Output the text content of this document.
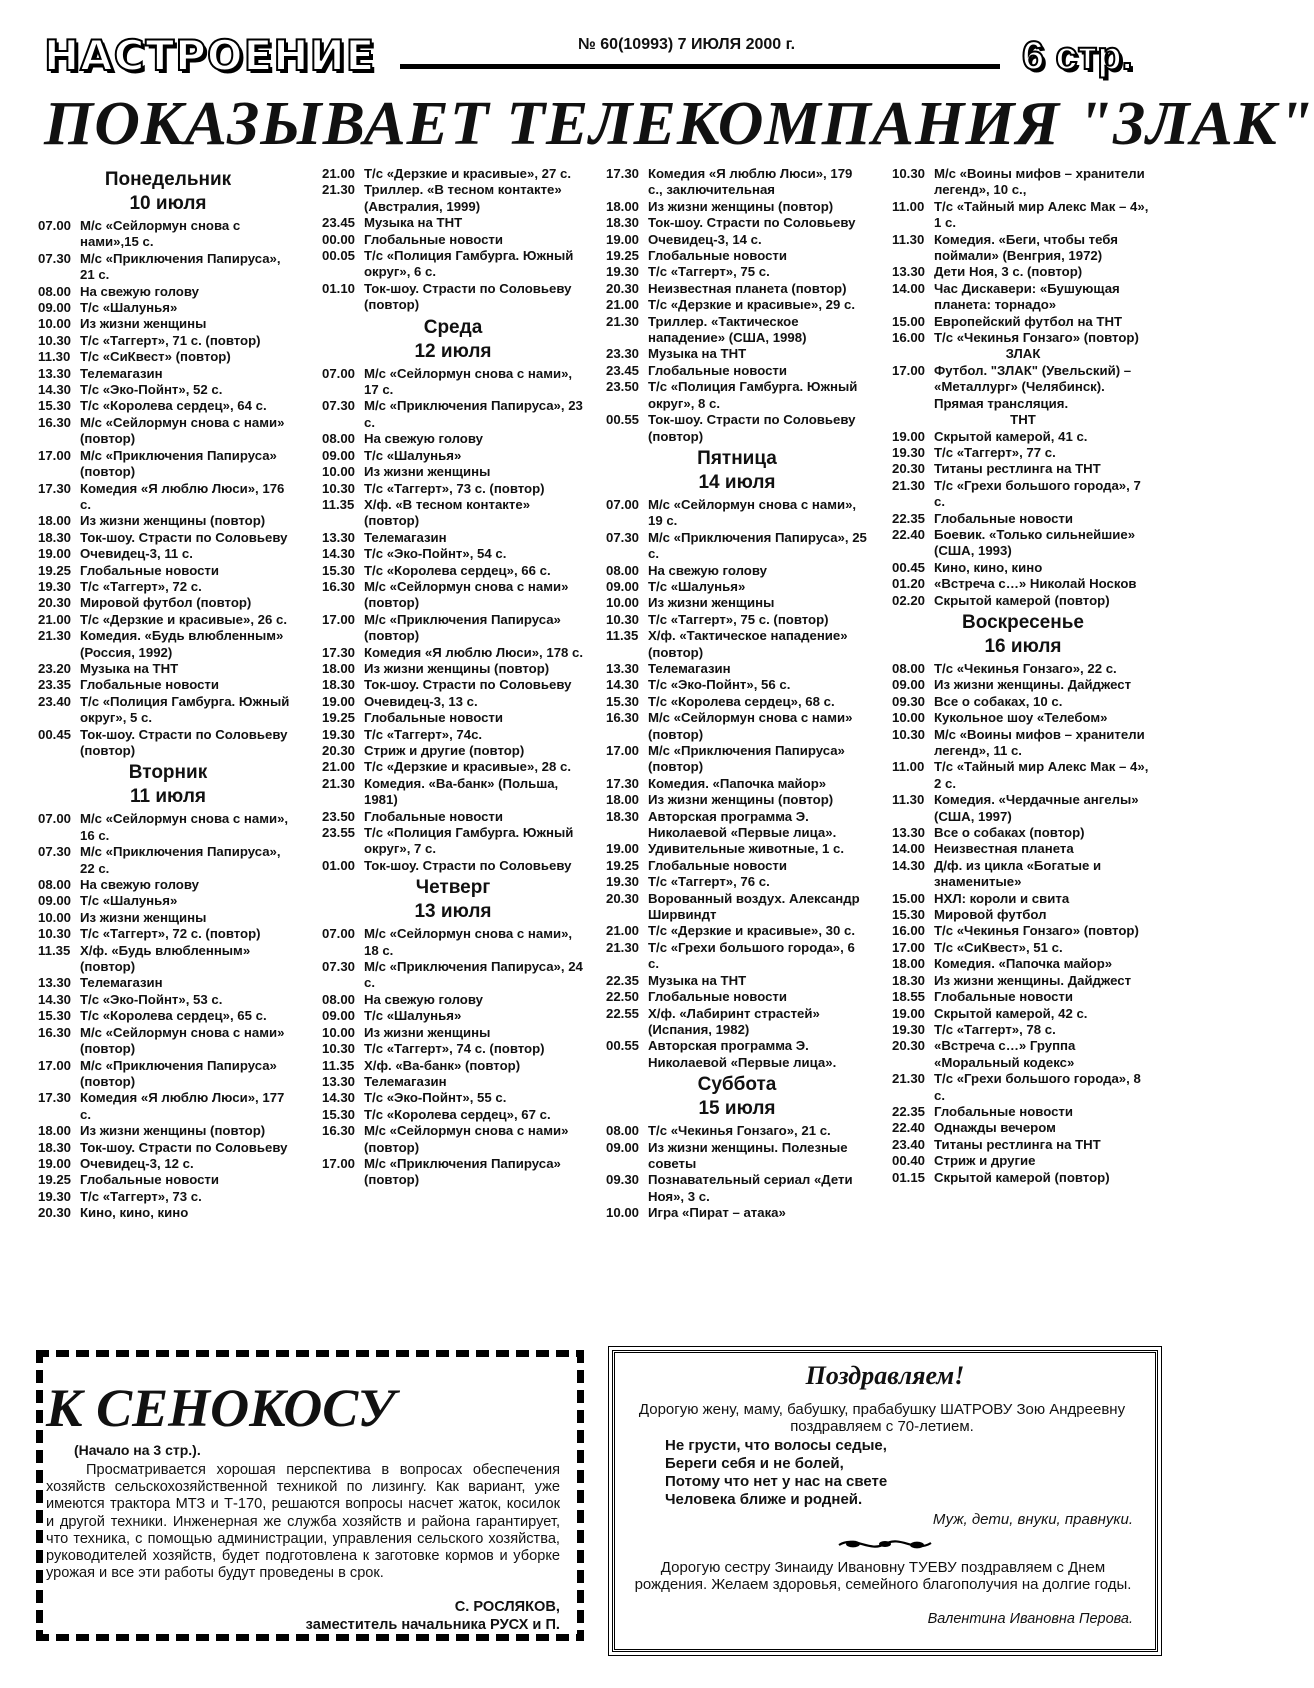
НАСТРОЕНИЕ	№ 60(10993) 7 ИЮЛЯ 2000 г.	6 стр.
ПОКАЗЫВАЕТ ТЕЛЕКОМПАНИЯ "ЗЛАК"
Понедельник
10 июля
07.00 М/с «Сейлормун снова с нами»,15 с.
07.30 М/с «Приключения Папируса», 21 с.
08.00 На свежую голову
09.00 Т/с «Шалунья»
10.00 Из жизни женщины
10.30 Т/с «Таггерт», 71 с. (повтор)
11.30 Т/с «СиКвест» (повтор)
13.30 Телемагазин
14.30 Т/с «Эко-Пойнт», 52 с.
15.30 Т/с «Королева сердец», 64 с.
16.30 М/с «Сейлормун снова с нами» (повтор)
17.00 М/с «Приключения Папируса» (повтор)
17.30 Комедия «Я люблю Люси», 176 с.
18.00 Из жизни женщины (повтор)
18.30 Ток-шоу. Страсти по Соловьеву
19.00 Очевидец-3, 11 с.
19.25 Глобальные новости
19.30 Т/с «Таггерт», 72 с.
20.30 Мировой футбол (повтор)
21.00 Т/с «Дерзкие и красивые», 26 с.
21.30 Комедия. «Будь влюбленным» (Россия, 1992)
23.20 Музыка на ТНТ
23.35 Глобальные новости
23.40 Т/с «Полиция Гамбурга. Южный округ», 5 с.
00.45 Ток-шоу. Страсти по Соловьеву (повтор)
Вторник
11 июля
07.00 М/с «Сейлормун снова с нами», 16 с.
07.30 М/с «Приключения Папируса», 22 с.
08.00 На свежую голову
09.00 Т/с «Шалунья»
10.00 Из жизни женщины
10.30 Т/с «Таггерт», 72 с. (повтор)
11.35 Х/ф. «Будь влюбленным» (повтор)
13.30 Телемагазин
14.30 Т/с «Эко-Пойнт», 53 с.
15.30 Т/с «Королева сердец», 65 с.
16.30 М/с «Сейлормун снова с нами» (повтор)
17.00 М/с «Приключения Папируса» (повтор)
17.30 Комедия «Я люблю Люси», 177 с.
18.00 Из жизни женщины (повтор)
18.30 Ток-шоу. Страсти по Соловьеву
19.00 Очевидец-3, 12 с.
19.25 Глобальные новости
19.30 Т/с «Таггерт», 73 с.
20.30 Кино, кино, кино
21.00 Т/с «Дерзкие и красивые», 27 с.
21.30 Триллер. «В тесном контакте» (Австралия, 1999)
23.45 Музыка на ТНТ
00.00 Глобальные новости
00.05 Т/с «Полиция Гамбурга. Южный округ», 6 с.
01.10 Ток-шоу. Страсти по Соловьеву (повтор)
Среда
12 июля
07.00 М/с «Сейлормун снова с нами», 17 с.
07.30 М/с «Приключения Папируса», 23 с.
08.00 На свежую голову
09.00 Т/с «Шалунья»
10.00 Из жизни женщины
10.30 Т/с «Таггерт», 73 с. (повтор)
11.35 Х/ф. «В тесном контакте» (повтор)
13.30 Телемагазин
14.30 Т/с «Эко-Пойнт», 54 с.
15.30 Т/с «Королева сердец», 66 с.
16.30 М/с «Сейлормун снова с нами» (повтор)
17.00 М/с «Приключения Папируса» (повтор)
17.30 Комедия «Я люблю Люси», 178 с.
18.00 Из жизни женщины (повтор)
18.30 Ток-шоу. Страсти по Соловьеву
19.00 Очевидец-3, 13 с.
19.25 Глобальные новости
19.30 Т/с «Таггерт», 74с.
20.30 Стриж и другие (повтор)
21.00 Т/с «Дерзкие и красивые», 28 с.
21.30 Комедия. «Ва-банк» (Польша, 1981)
23.50 Глобальные новости
23.55 Т/с «Полиция Гамбурга. Южный округ», 7 с.
01.00 Ток-шоу. Страсти по Соловьеву
Четверг
13 июля
07.00 М/с «Сейлормун снова с нами», 18 с.
07.30 М/с «Приключения Папируса», 24 с.
08.00 На свежую голову
09.00 Т/с «Шалунья»
10.00 Из жизни женщины
10.30 Т/с «Таггерт», 74 с. (повтор)
11.35 Х/ф. «Ва-банк» (повтор)
13.30 Телемагазин
14.30 Т/с «Эко-Пойнт», 55 с.
15.30 Т/с «Королева сердец», 67 с.
16.30 М/с «Сейлормун снова с нами» (повтор)
17.00 М/с «Приключения Папируса» (повтор)
17.30 Комедия «Я люблю Люси», 179 с., заключительная
18.00 Из жизни женщины (повтор)
18.30 Ток-шоу. Страсти по Соловьеву
19.00 Очевидец-3, 14 с.
19.25 Глобальные новости
19.30 Т/с «Таггерт», 75 с.
20.30 Неизвестная планета (повтор)
21.00 Т/с «Дерзкие и красивые», 29 с.
21.30 Триллер. «Тактическое нападение» (США, 1998)
23.30 Музыка на ТНТ
23.45 Глобальные новости
23.50 Т/с «Полиция Гамбурга. Южный округ», 8 с.
00.55 Ток-шоу. Страсти по Соловьеву (повтор)
Пятница
14 июля
07.00 М/с «Сейлормун снова с нами», 19 с.
07.30 М/с «Приключения Папируса», 25 с.
08.00 На свежую голову
09.00 Т/с «Шалунья»
10.00 Из жизни женщины
10.30 Т/с «Таггерт», 75 с. (повтор)
11.35 Х/ф. «Тактическое нападение» (повтор)
13.30 Телемагазин
14.30 Т/с «Эко-Пойнт», 56 с.
15.30 Т/с «Королева сердец», 68 с.
16.30 М/с «Сейлормун снова с нами» (повтор)
17.00 М/с «Приключения Папируса» (повтор)
17.30 Комедия. «Папочка майор»
18.00 Из жизни женщины (повтор)
18.30 Авторская программа Э. Николаевой «Первые лица».
19.00 Удивительные животные, 1 с.
19.25 Глобальные новости
19.30 Т/с «Таггерт», 76 с.
20.30 Ворованный воздух. Александр Ширвиндт
21.00 Т/с «Дерзкие и красивые», 30 с.
21.30 Т/с «Грехи большого города», 6 с.
22.35 Музыка на ТНТ
22.50 Глобальные новости
22.55 Х/ф. «Лабиринт страстей» (Испания, 1982)
00.55 Авторская программа Э. Николаевой «Первые лица».
Суббота
15 июля
08.00 Т/с «Чекинья Гонзаго», 21 с.
09.00 Из жизни женщины. Полезные советы
09.30 Познавательный сериал «Дети Ноя», 3 с.
10.00 Игра «Пират – атака»
10.30 М/с «Воины мифов – хранители легенд», 10 с.,
11.00 Т/с «Тайный мир Алекс Мак – 4», 1 с.
11.30 Комедия. «Беги, чтобы тебя поймали» (Венгрия, 1972)
13.30 Дети Ноя, 3 с. (повтор)
14.00 Час Дискавери: «Бушующая планета: торнадо»
15.00 Европейский футбол на ТНТ
16.00 Т/с «Чекинья Гонзаго» (повтор)
ЗЛАК
17.00 Футбол. "ЗЛАК" (Увельский) – «Металлург» (Челябинск). Прямая трансляция.
ТНТ
19.00 Скрытой камерой, 41 с.
19.30 Т/с «Таггерт», 77 с.
20.30 Титаны рестлинга на ТНТ
21.30 Т/с «Грехи большого города», 7 с.
22.35 Глобальные новости
22.40 Боевик. «Только сильнейшие» (США, 1993)
00.45 Кино, кино, кино
01.20 «Встреча с…» Николай Носков
02.20 Скрытой камерой (повтор)
Воскресенье
16 июля
08.00 Т/с «Чекинья Гонзаго», 22 с.
09.00 Из жизни женщины. Дайджест
09.30 Все о собаках, 10 с.
10.00 Кукольное шоу «Телебом»
10.30 М/с «Воины мифов – хранители легенд», 11 с.
11.00 Т/с «Тайный мир Алекс Мак – 4», 2 с.
11.30 Комедия. «Чердачные ангелы» (США, 1997)
13.30 Все о собаках (повтор)
14.00 Неизвестная планета
14.30 Д/ф. из цикла «Богатые и знаменитые»
15.00 НХЛ: короли и свита
15.30 Мировой футбол
16.00 Т/с «Чекинья Гонзаго» (повтор)
17.00 Т/с «СиКвест», 51 с.
18.00 Комедия. «Папочка майор»
18.30 Из жизни женщины. Дайджест
18.55 Глобальные новости
19.00 Скрытой камерой, 42 с.
19.30 Т/с «Таггерт», 78 с.
20.30 «Встреча с…» Группа «Моральный кодекс»
21.30 Т/с «Грехи большого города», 8 с.
22.35 Глобальные новости
22.40 Однажды вечером
23.40 Титаны рестлинга на ТНТ
00.40 Стриж и другие
01.15 Скрытой камерой (повтор)
К СЕНОКОСУ
(Начало на 3 стр.).
Просматривается хорошая перспектива в вопросах обеспечения хозяйств сельскохозяйственной техникой по лизингу. Как вариант, уже имеются трактора МТЗ и Т-170, решаются вопросы насчет жаток, косилок и другой техники. Инженерная же служба хозяйств и района гарантирует, что техника, с помощью администрации, управления сельского хозяйства, руководителей хозяйств, будет подготовлена к заготовке кормов и уборке урожая и все эти работы будут проведены в срок.
С. РОСЛЯКОВ,
заместитель начальника РУСХ и П.
Поздравляем!
Дорогую жену, маму, бабушку, прабабушку ШАТРОВУ Зою Андреевну поздравляем с 70-летием.
Не грусти, что волосы седые,
Береги себя и не болей,
Потому что нет у нас на свете
Человека ближе и родней.
Муж, дети, внуки, правнуки.
Дорогую сестру Зинаиду Ивановну ТУЕВУ поздравляем с Днем рождения. Желаем здоровья, семейного благополучия на долгие годы.
Валентина Ивановна Перова.
